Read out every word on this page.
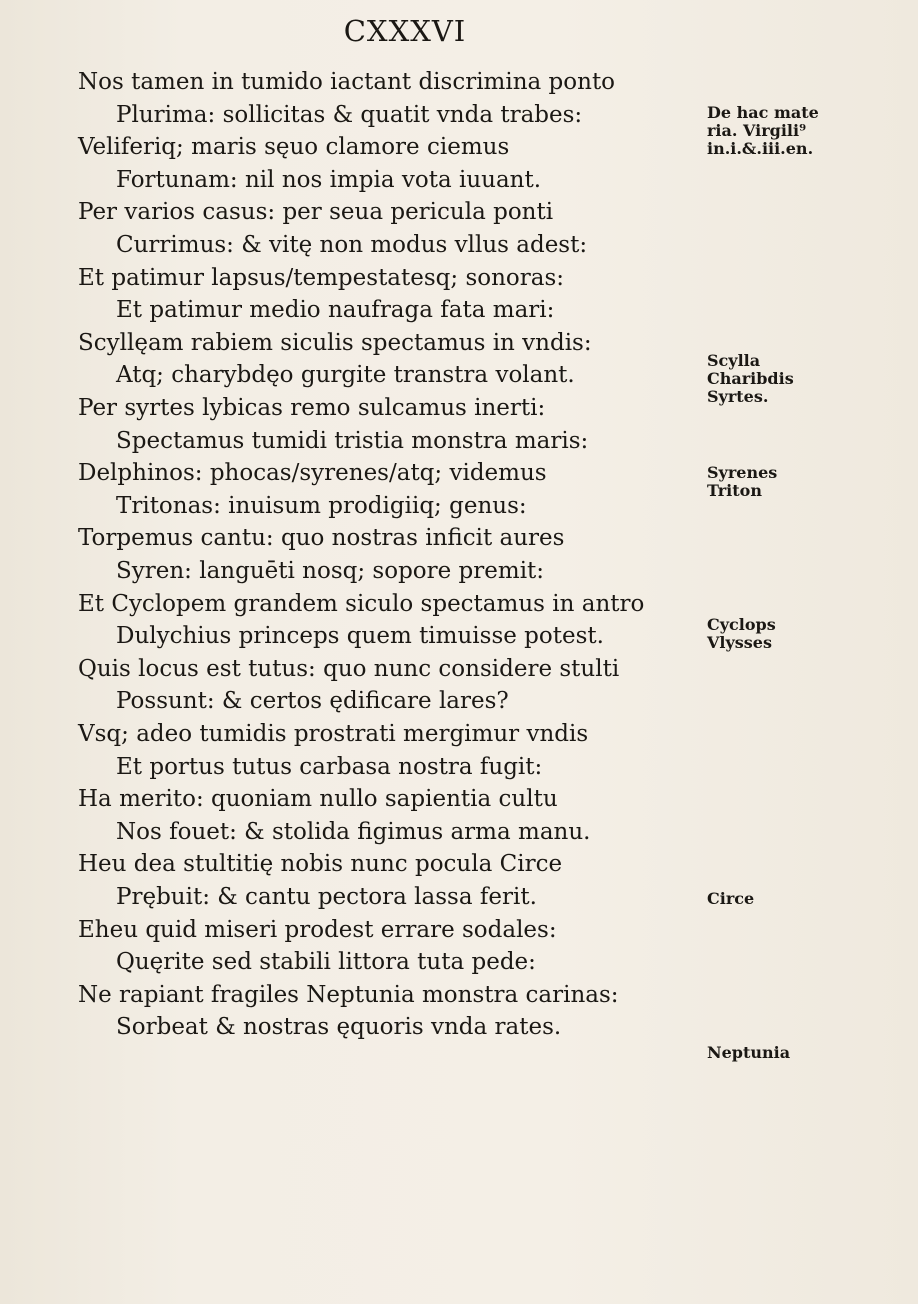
CXXXVI
Nos tamen in tumido iactant discrimina ponto
Plurima: sollicitas & quatit vnda trabes:
Veliferiq; maris sęuo clamore ciemus
Fortunam: nil nos impia vota iuuant.
Per varios casus: per seua pericula ponti
Currimus: & vitę non modus vllus adest:
Et patimur lapsus/tempestatesq; sonoras:
Et patimur medio naufraga fata mari:
Scyllęam rabiem siculis spectamus in vndis:
Atq; charybdęo gurgite transtra volant.
Per syrtes lybicas remo sulcamus inerti:
Spectamus tumidi tristia monstra maris:
Delphinos: phocas/syrenes/atq; videmus
Tritonas: inuisum prodigiiq; genus:
Torpemus cantu: quo nostras inficit aures
Syren: languēti nosq; sopore premit:
Et Cyclopem grandem siculo spectamus in antro
Dulychius princeps quem timuisse potest.
Quis locus est tutus: quo nunc considere stulti
Possunt: & certos ędificare lares?
Vsq; adeo tumidis prostrati mergimur vndis
Et portus tutus carbasa nostra fugit:
Ha merito: quoniam nullo sapientia cultu
Nos fouet: & stolida figimus arma manu.
Heu dea stultitię nobis nunc pocula Circe
Prębuit: & cantu pectora lassa ferit.
Eheu quid miseri prodest errare sodales:
Quęrite sed stabili littora tuta pede:
Ne rapiant fragiles Neptunia monstra carinas:
Sorbeat & nostras ęquoris vnda rates.
De hac mate
ria. Virgili⁹
in.i.&.iii.en.
Scylla
Charibdis
Syrtes.
Syrenes
Triton
Cyclops
Vlysses
Circe
Neptunia
